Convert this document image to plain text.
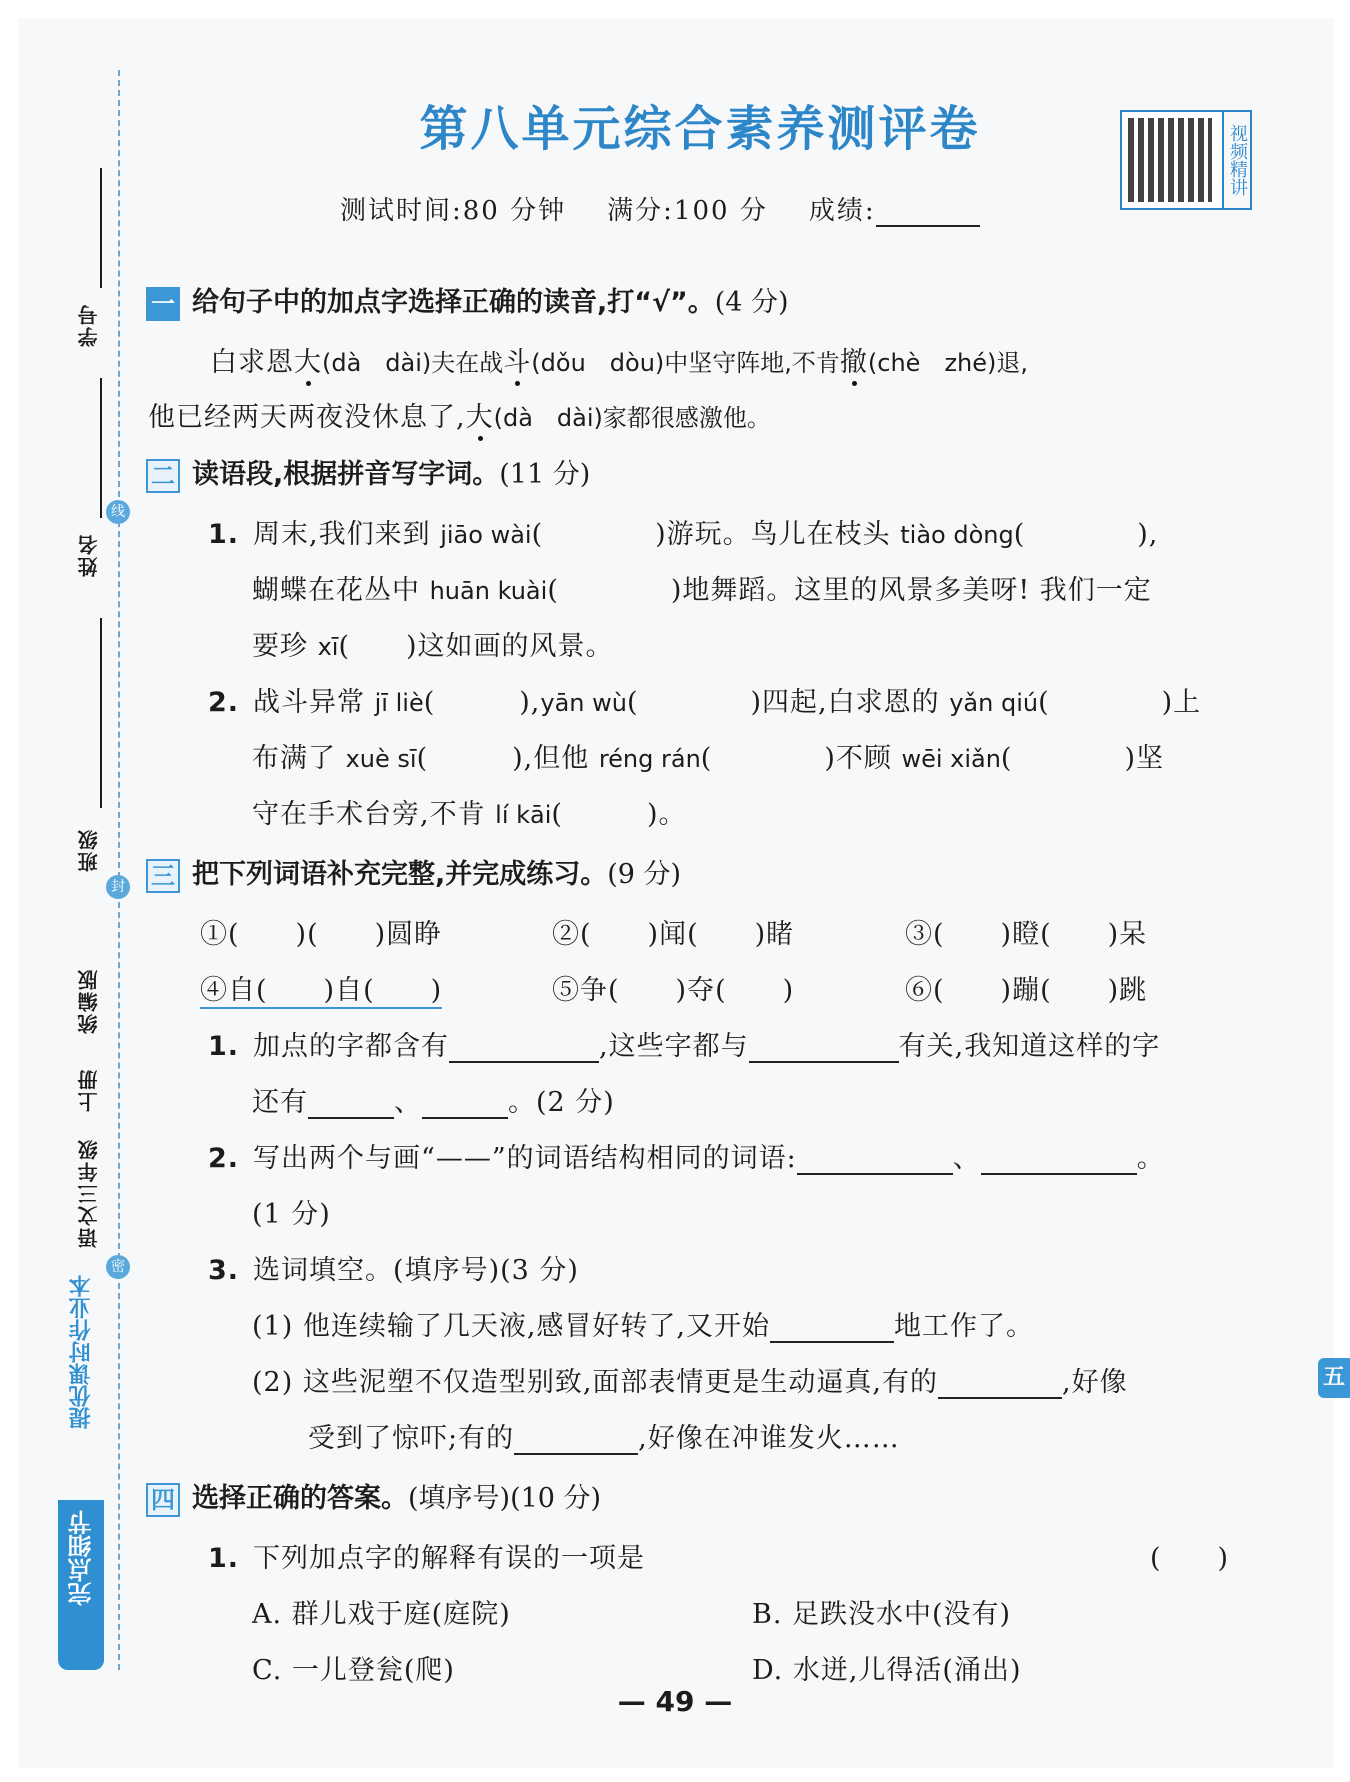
学号
姓名
班级
统编版
上册
语文三年级
线
封
密
提优课时作业本
完点细节
五
第八单元综合素养测评卷	视频精讲
测试时间:80 分钟 满分:100 分 成绩:
一 给句子中的加点字选择正确的读音,打“√”。(4 分)
白求恩大(dà　dài)夫在战斗(dǒu　dòu)中坚守阵地,不肯撤(chè　zhé)退,
他已经两天两夜没休息了,大(dà　dài)家都很感激他。
二 读语段,根据拼音写字词。(11 分)
1. 周末,我们来到 jiāo wài(　　　　)游玩。鸟儿在枝头 tiào dòng(　　　　),
蝴蝶在花丛中 huān kuài(　　　　)地舞蹈。这里的风景多美呀! 我们一定
要珍 xī(　　)这如画的风景。
2. 战斗异常 jī liè(　　　),yān wù(　　　　)四起,白求恩的 yǎn qiú(　　　　)上
布满了 xuè sī(　　　),但他 réng rán(　　　　)不顾 wēi xiǎn(　　　　)坚
守在手术台旁,不肯 lí kāi(　　　)。
三 把下列词语补充完整,并完成练习。(9 分)
①(　　)(　　)圆睁	②(　　)闻(　　)睹	③(　　)瞪(　　)呆
④自(　　)自(　　)	⑤争(　　)夺(　　)	⑥(　　)蹦(　　)跳
1. 加点的字都含有	,这些字都与	有关,我知道这样的字
还有	、	。(2 分)
2. 写出两个与画“——”的词语结构相同的词语:	、	。
(1 分)
3. 选词填空。(填序号)(3 分)
(1) 他连续输了几天液,感冒好转了,又开始	地工作了。
(2) 这些泥塑不仅造型别致,面部表情更是生动逼真,有的	,好像
受到了惊吓;有的	,好像在冲谁发火……
四 选择正确的答案。(填序号)(10 分)
1. 下列加点字的解释有误的一项是	(　　)
A. 群儿戏于庭(庭院)	B. 足跌没水中(没有)
C. 一儿登瓮(爬)	D. 水迸,儿得活(涌出)
— 49 —
